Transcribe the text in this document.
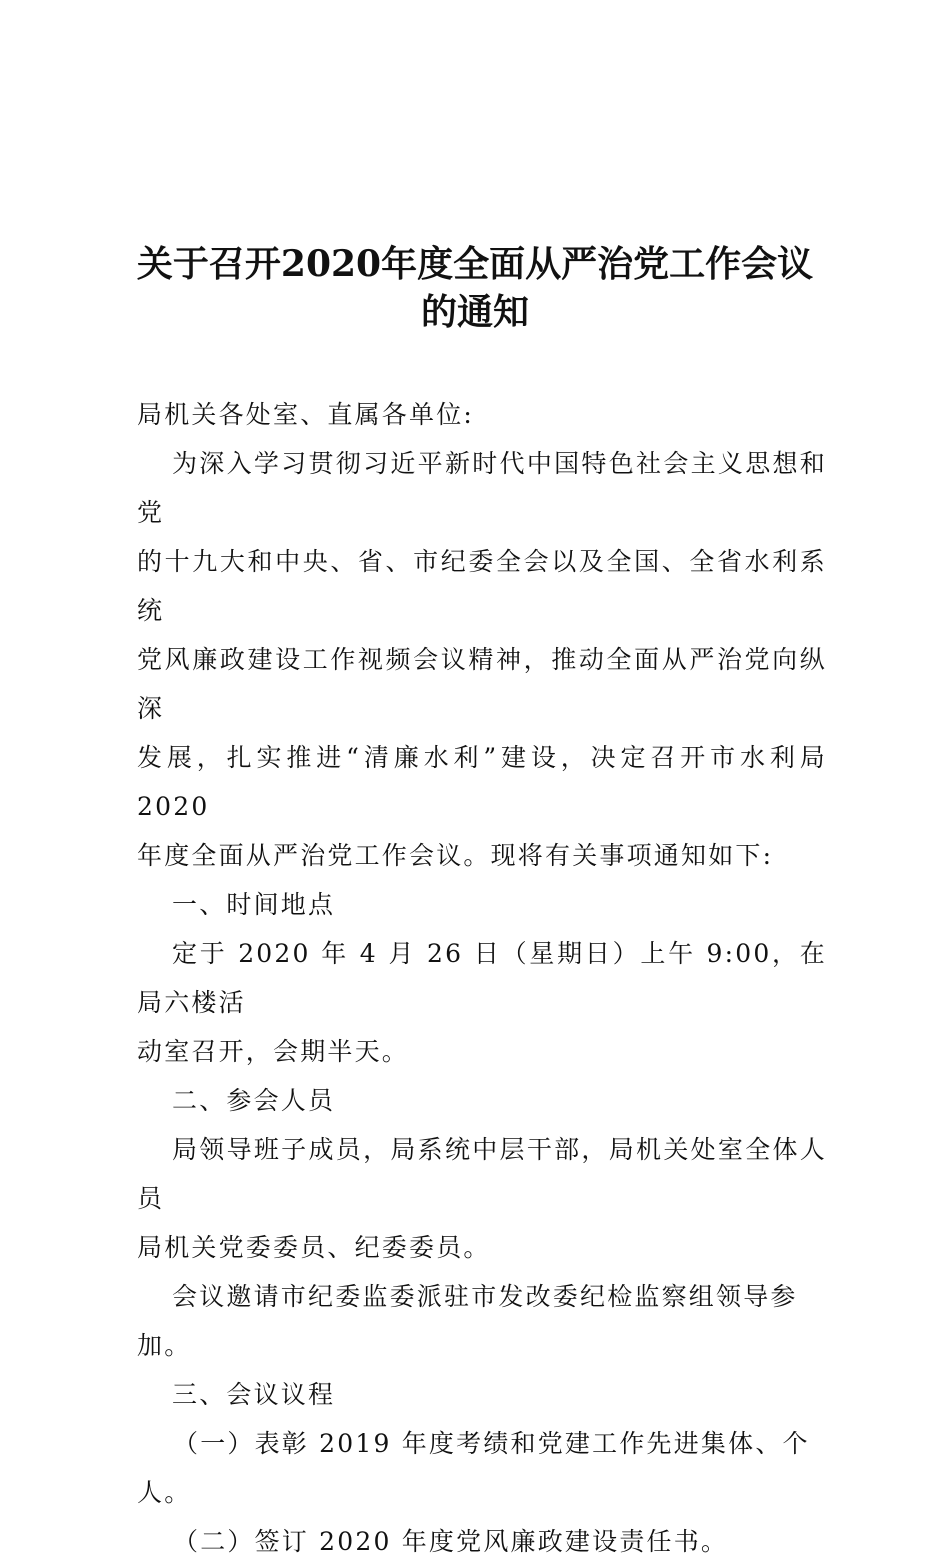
关于召开2020年度全面从严治党工作会议
的通知

局机关各处室、直属各单位:

为深入学习贯彻习近平新时代中国特色社会主义思想和党

的十九大和中央、省、市纪委全会以及全国、全省水利系统

党风廉政建设工作视频会议精神，推动全面从严治党向纵深

发展，扎实推进“清廉水利”建设，决定召开市水利局 2020

年度全面从严治党工作会议。现将有关事项通知如下:

一、时间地点

定于 2020 年 4 月 26 日（星期日）上午 9:00，在局六楼活

动室召开，会期半天。

二、参会人员

局领导班子成员，局系统中层干部，局机关处室全体人员

局机关党委委员、纪委委员。

会议邀请市纪委监委派驻市发改委纪检监察组领导参加。

三、会议议程

（一）表彰 2019 年度考绩和党建工作先进集体、个人。

（二）签订 2020 年度党风廉政建设责任书。
